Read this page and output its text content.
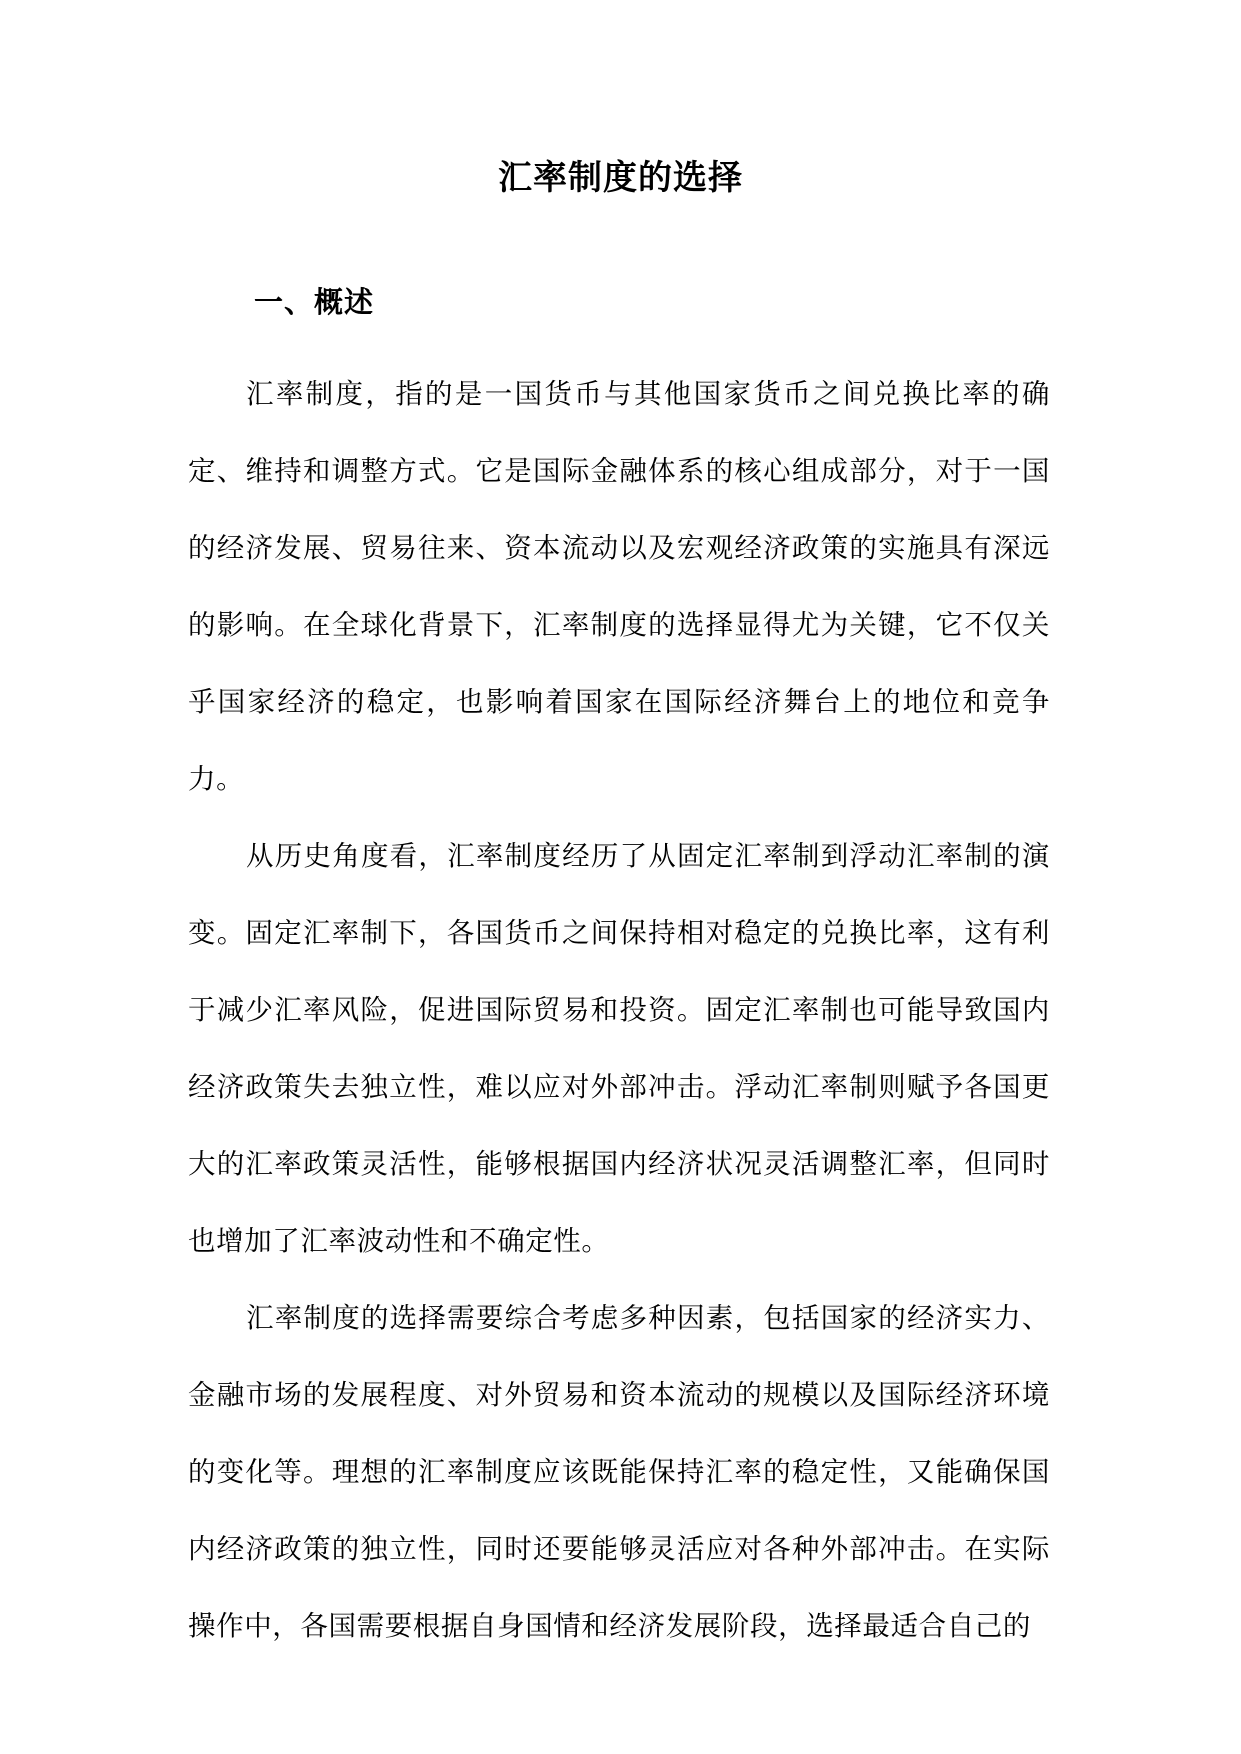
汇率制度的选择
一、概述

汇率制度，指的是一国货币与其他国家货币之间兑换比率的确定、维持和调整方式。它是国际金融体系的核心组成部分，对于一国的经济发展、贸易往来、资本流动以及宏观经济政策的实施具有深远的影响。在全球化背景下，汇率制度的选择显得尤为关键，它不仅关乎国家经济的稳定，也影响着国家在国际经济舞台上的地位和竞争力。

从历史角度看，汇率制度经历了从固定汇率制到浮动汇率制的演变。固定汇率制下，各国货币之间保持相对稳定的兑换比率，这有利于减少汇率风险，促进国际贸易和投资。固定汇率制也可能导致国内经济政策失去独立性，难以应对外部冲击。浮动汇率制则赋予各国更大的汇率政策灵活性，能够根据国内经济状况灵活调整汇率，但同时也增加了汇率波动性和不确定性。

汇率制度的选择需要综合考虑多种因素，包括国家的经济实力、金融市场的发展程度、对外贸易和资本流动的规模以及国际经济环境的变化等。理想的汇率制度应该既能保持汇率的稳定性，又能确保国内经济政策的独立性，同时还要能够灵活应对各种外部冲击。在实际操作中，各国需要根据自身国情和经济发展阶段，选择最适合自己的
